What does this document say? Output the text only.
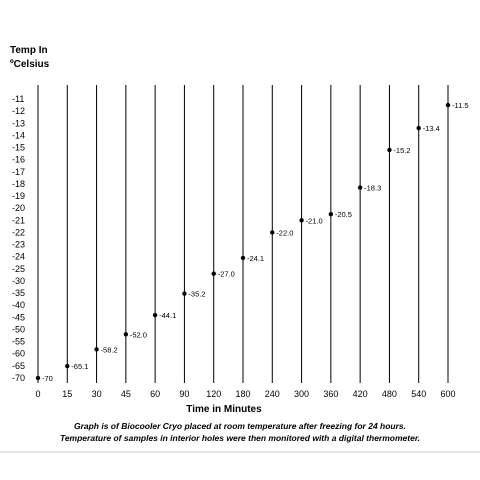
Temp In
ºCelsius
-11
-12
-13
-14
-15
-16
-17
-18
-19
-20
-21
-22
-23
-24
-25
-30
-35
-40
-45
-50
-55
-60
-65
-70
0 15 30 45 60 90 120 180 240 300 360 420 480 540 600
-70
-65.1
-58.2
-52.0
-44.1
-35.2
-27.0
-24.1
-22.0
-21.0
-20.5
-18.3
-15.2
-13.4
-11.5
Time in Minutes
Graph is of Biocooler Cryo placed at room temperature after freezing for 24 hours.
Temperature of samples in interior holes were then monitored with a digital thermometer.
